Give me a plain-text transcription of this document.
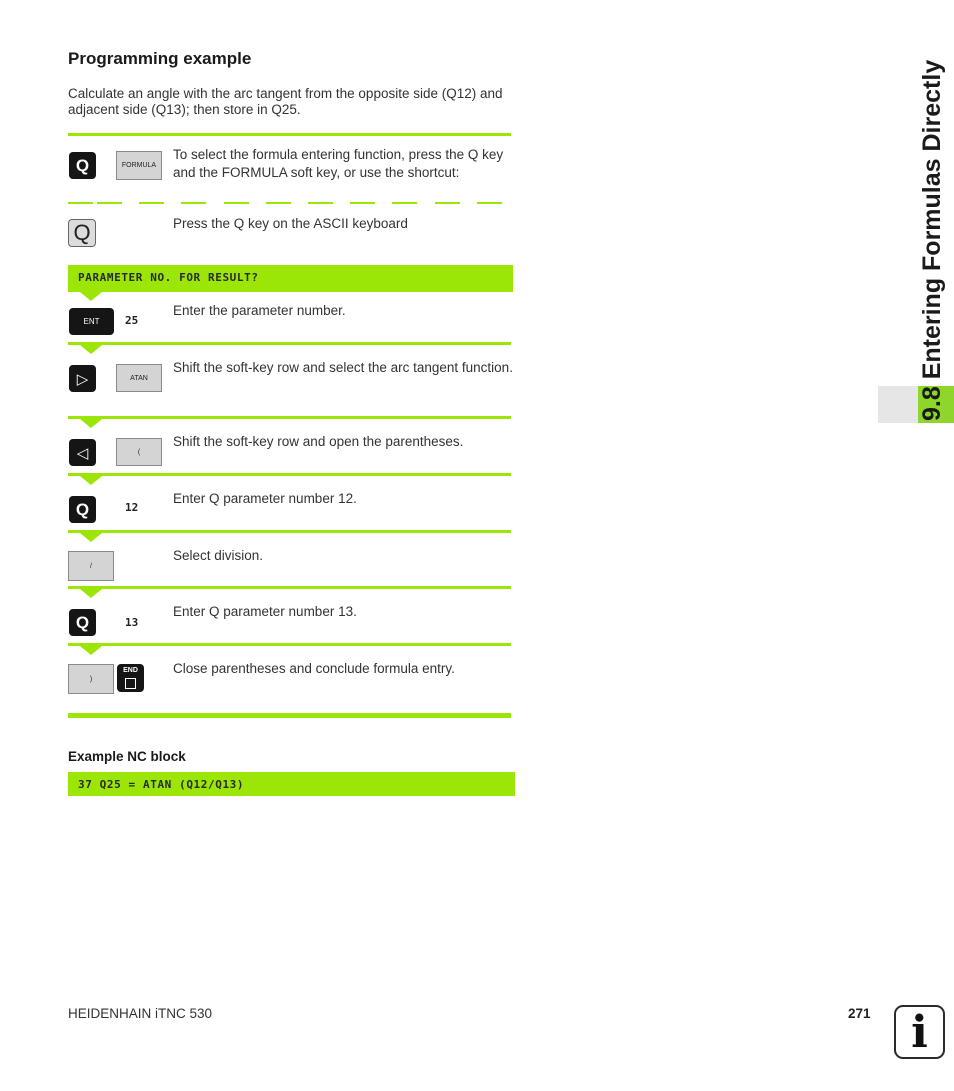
Programming example
Calculate an angle with the arc tangent from the opposite side (Q12) and adjacent side (Q13); then store in Q25.
Q	FORMULA
To select the formula entering function, press the Q key and the FORMULA soft key, or use the shortcut:
Q	Press the Q key on the ASCII keyboard
PARAMETER NO. FOR RESULT?
ENT	25
Enter the parameter number.
▷	ATAN
Shift the soft-key row and select the arc tangent function.
◁	(
Shift the soft-key row and open the parentheses.
Q	12
Enter Q parameter number 12.
/
Select division.
Q	13
Enter Q parameter number 13.
)
END	Close parentheses and conclude formula entry.
Example NC block
37 Q25 = ATAN (Q12/Q13)
9.8 Entering Formulas Directly
HEIDENHAIN iTNC 530	271 i
